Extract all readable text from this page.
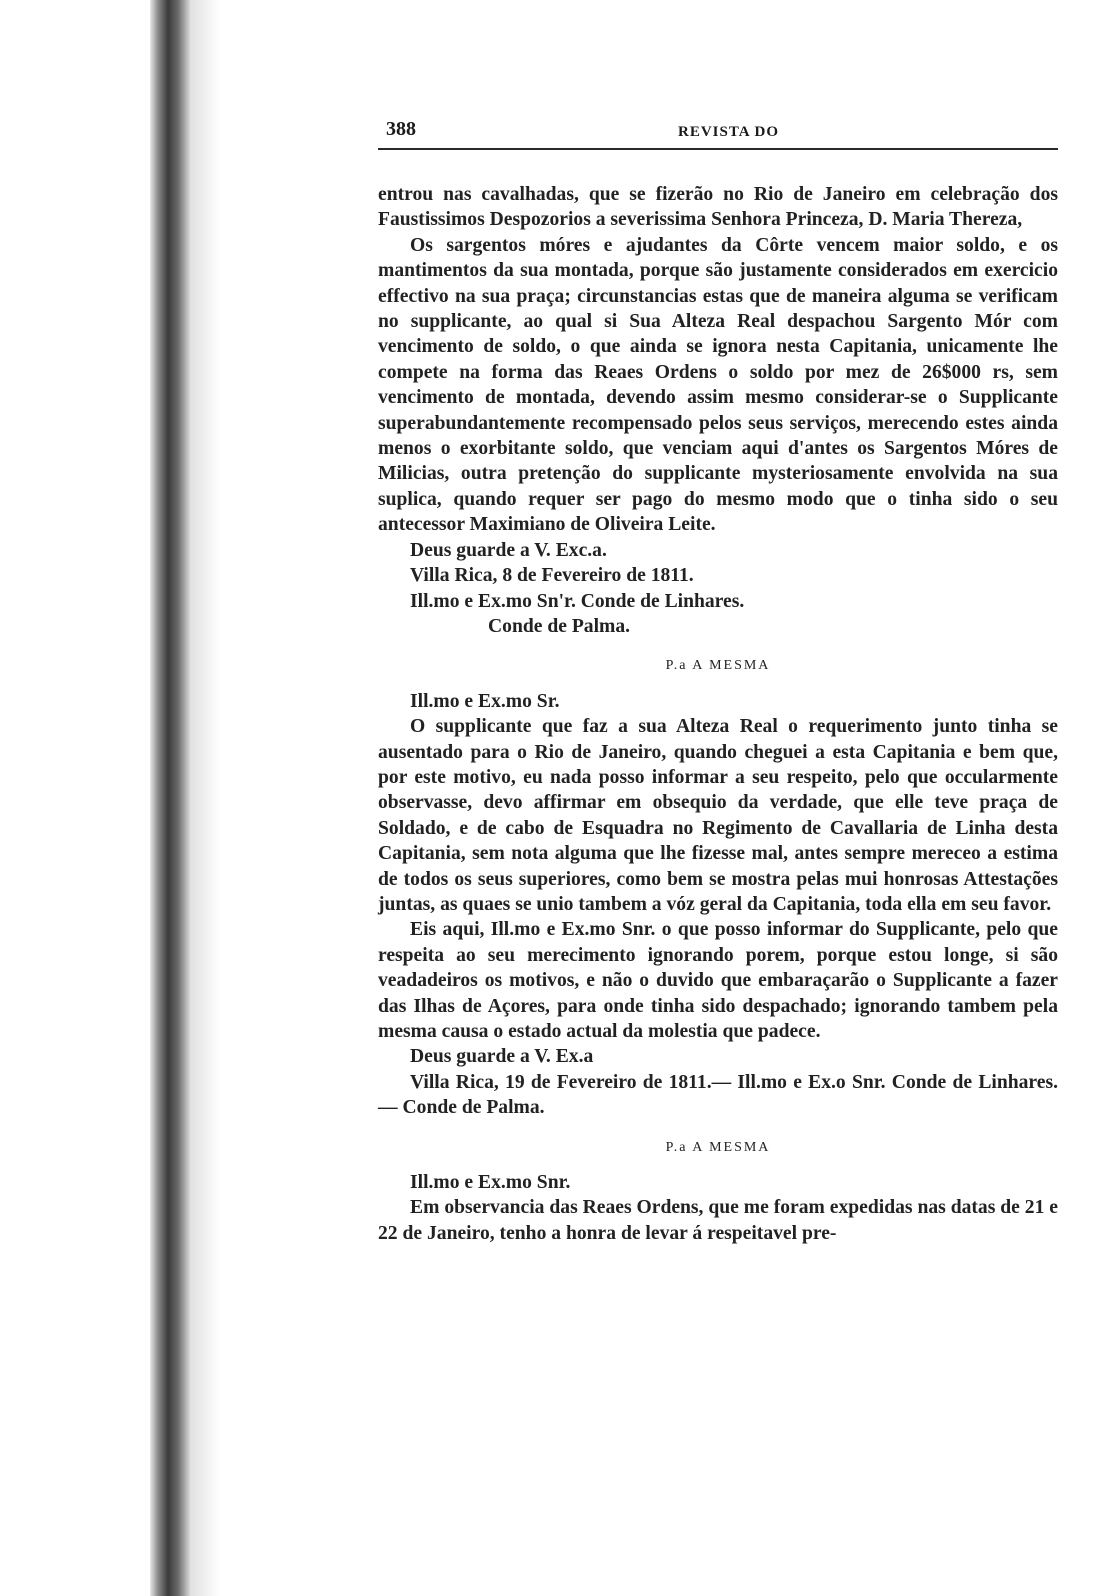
388	REVISTA DO

entrou nas cavalhadas, que se fizerão no Rio de Janeiro em celebração dos Faustissimos Despozorios a severissima Senhora Princeza, D. Maria Thereza,

Os sargentos móres e ajudantes da Côrte vencem maior soldo, e os mantimentos da sua montada, porque são justamente considerados em exercicio effectivo na sua praça; circunstancias estas que de maneira alguma se verificam no supplicante, ao qual si Sua Alteza Real despachou Sargento Mór com vencimento de soldo, o que ainda se ignora nesta Capitania, unicamente lhe compete na forma das Reaes Ordens o soldo por mez de 26$000 rs, sem vencimento de montada, devendo assim mesmo considerar-se o Supplicante superabundantemente recompensado pelos seus serviços, merecendo estes ainda menos o exorbitante soldo, que venciam aqui d'antes os Sargentos Móres de Milicias, outra pretenção do supplicante mysteriosamente envolvida na sua suplica, quando requer ser pago do mesmo modo que o tinha sido o seu antecessor Maximiano de Oliveira Leite.

Deus guarde a V. Exc.a.

Villa Rica, 8 de Fevereiro de 1811.

Ill.mo e Ex.mo Sn'r. Conde de Linhares.

Conde de Palma.

P.a A MESMA

Ill.mo e Ex.mo Sr.

O supplicante que faz a sua Alteza Real o requerimento junto tinha se ausentado para o Rio de Janeiro, quando cheguei a esta Capitania e bem que, por este motivo, eu nada posso informar a seu respeito, pelo que occularmente observasse, devo affirmar em obsequio da verdade, que elle teve praça de Soldado, e de cabo de Esquadra no Regimento de Cavallaria de Linha desta Capitania, sem nota alguma que lhe fizesse mal, antes sempre mereceo a estima de todos os seus superiores, como bem se mostra pelas mui honrosas Attestações juntas, as quaes se unio tambem a vóz geral da Capitania, toda ella em seu favor.

Eis aqui, Ill.mo e Ex.mo Snr. o que posso informar do Supplicante, pelo que respeita ao seu merecimento ignorando porem, porque estou longe, si são veadadeiros os motivos, e não o duvido que embaraçarão o Supplicante a fazer das Ilhas de Açores, para onde tinha sido despachado; ignorando tambem pela mesma causa o estado actual da molestia que padece.

Deus guarde a V. Ex.a

Villa Rica, 19 de Fevereiro de 1811.— Ill.mo e Ex.o Snr. Conde de Linhares.— Conde de Palma.

P.a A MESMA

Ill.mo e Ex.mo Snr.

Em observancia das Reaes Ordens, que me foram expedidas nas datas de 21 e 22 de Janeiro, tenho a honra de levar á respeitavel pre-
